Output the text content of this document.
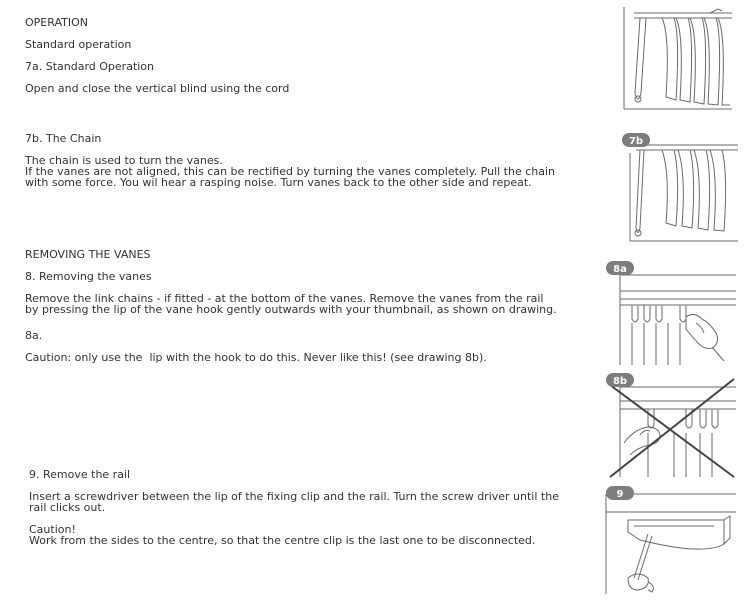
OPERATION

Standard operation

7a. Standard Operation

Open and close the vertical blind using the cord

7b. The Chain

The chain is used to turn the vanes.

If the vanes are not aligned, this can be rectified by turning the vanes completely. Pull the chain

with some force. You wil hear a rasping noise. Turn vanes back to the other side and repeat.

REMOVING THE VANES

8. Removing the vanes

Remove the link chains - if fitted - at the bottom of the vanes. Remove the vanes from the rail

by pressing the lip of the vane hook gently outwards with your thumbnail, as shown on drawing.

8a.

Caution: only use the  lip with the hook to do this. Never like this! (see drawing 8b).

9. Remove the rail

Insert a screwdriver between the lip of the fixing clip and the rail. Turn the screw driver until the

rail clicks out.

Caution!

Work from the sides to the centre, so that the centre clip is the last one to be disconnected.

7b
8a
8b
9
